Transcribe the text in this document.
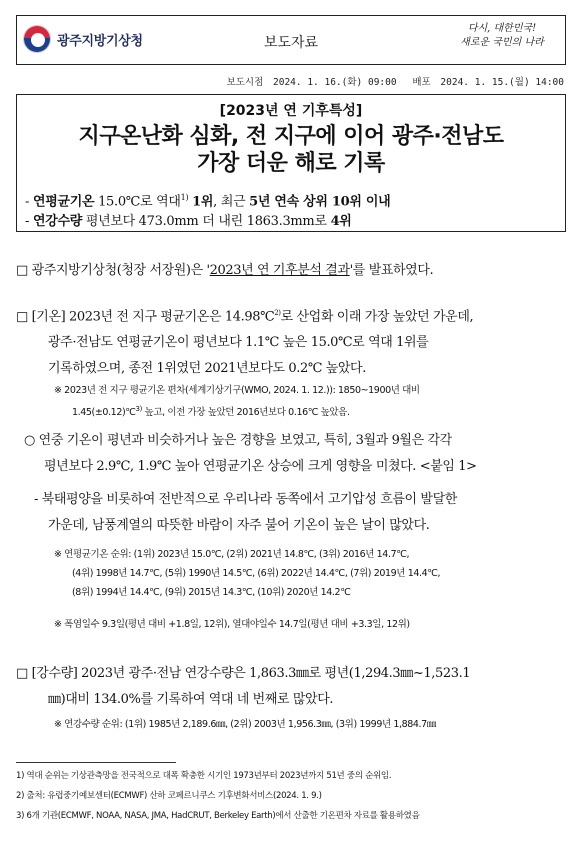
광주지방기상청	보도자료
다시, 대한민국!
새로운 국민의 나라
보도시점 2024. 1. 16.(화) 09:00 배포 2024. 1. 15.(월) 14:00
[2023년 연 기후특성]
지구온난화 심화, 전 지구에 이어 광주·전남도
가장 더운 해로 기록
- 연평균기온 15.0℃로 역대$^{1)}$ 1위, 최근 5년 연속 상위 10위 이내
- 연강수량 평년보다 473.0mm 더 내린 1863.3mm로 4위
□ 광주지방기상청(청장 서장원)은 '2023년 연 기후분석 결과'를 발표하였다.
□ [기온] 2023년 전 지구 평균기온은 14.98℃$^{2)}$로 산업화 이래 가장 높았던 가운데,
광주·전남도 연평균기온이 평년보다 1.1℃ 높은 15.0℃로 역대 1위를
기록하였으며, 종전 1위였던 2021년보다도 0.2℃ 높았다.
※ 2023년 전 지구 평균기온 편차(세계기상기구(WMO, 2024. 1. 12.)): 1850~1900년 대비
1.45(±0.12)℃$^{3)}$ 높고, 이전 가장 높았던 2016년보다 0.16℃ 높았음.
○ 연중 기온이 평년과 비슷하거나 높은 경향을 보였고, 특히, 3월과 9월은 각각
평년보다 2.9℃, 1.9℃ 높아 연평균기온 상승에 크게 영향을 미쳤다. <붙임 1>
- 북태평양을 비롯하여 전반적으로 우리나라 동쪽에서 고기압성 흐름이 발달한
가운데, 남풍계열의 따뜻한 바람이 자주 불어 기온이 높은 날이 많았다.
※ 연평균기온 순위: (1위) 2023년 15.0℃, (2위) 2021년 14.8℃, (3위) 2016년 14.7℃,
(4위) 1998년 14.7℃, (5위) 1990년 14.5℃, (6위) 2022년 14.4℃, (7위) 2019년 14.4℃,
(8위) 1994년 14.4℃, (9위) 2015년 14.3℃, (10위) 2020년 14.2℃
※ 폭염일수 9.3일(평년 대비 +1.8일, 12위), 열대야일수 14.7일(평년 대비 +3.3일, 12위)
□ [강수량] 2023년 광주·전남 연강수량은 1,863.3㎜로 평년(1,294.3㎜~1,523.1
㎜)대비 134.0%를 기록하여 역대 네 번째로 많았다.
※ 연강수량 순위: (1위) 1985년 2,189.6㎜, (2위) 2003년 1,956.3㎜, (3위) 1999년 1,884.7㎜
1) 역대 순위는 기상관측망을 전국적으로 대폭 확충한 시기인 1973년부터 2023년까지 51년 중의 순위임.
2) 출처: 유럽중기예보센터(ECMWF) 산하 코페르니쿠스 기후변화서비스(2024. 1. 9.)
3) 6개 기관(ECMWF, NOAA, NASA, JMA, HadCRUT, Berkeley Earth)에서 산출한 기온편차 자료를 활용하였음
